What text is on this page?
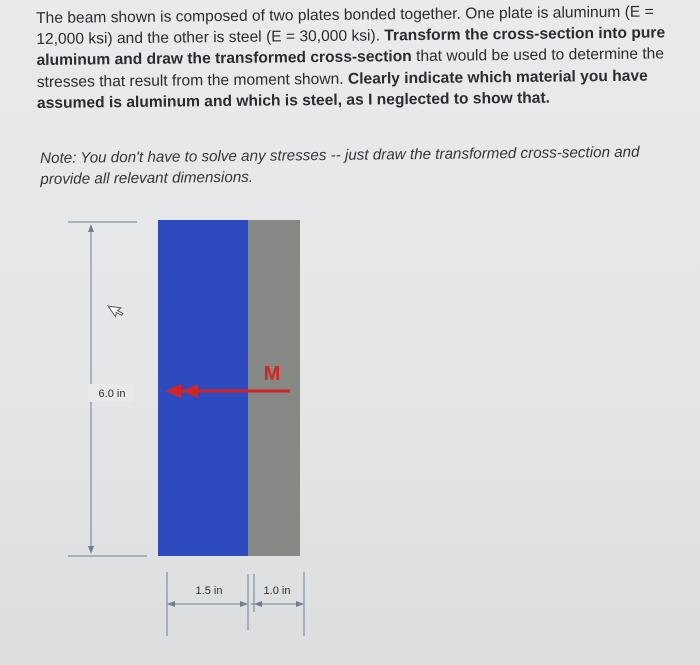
The beam shown is composed of two plates bonded together. One plate is aluminum (E = 12,000 ksi) and the other is steel (E = 30,000 ksi). Transform the cross-section into pure aluminum and draw the transformed cross-section that would be used to determine the stresses that result from the moment shown. Clearly indicate which material you have assumed is aluminum and which is steel, as I neglected to show that.
Note: You don't have to solve any stresses -- just draw the transformed cross-section and provide all relevant dimensions.
6.0 in
M
1.5 in	1.0 in
